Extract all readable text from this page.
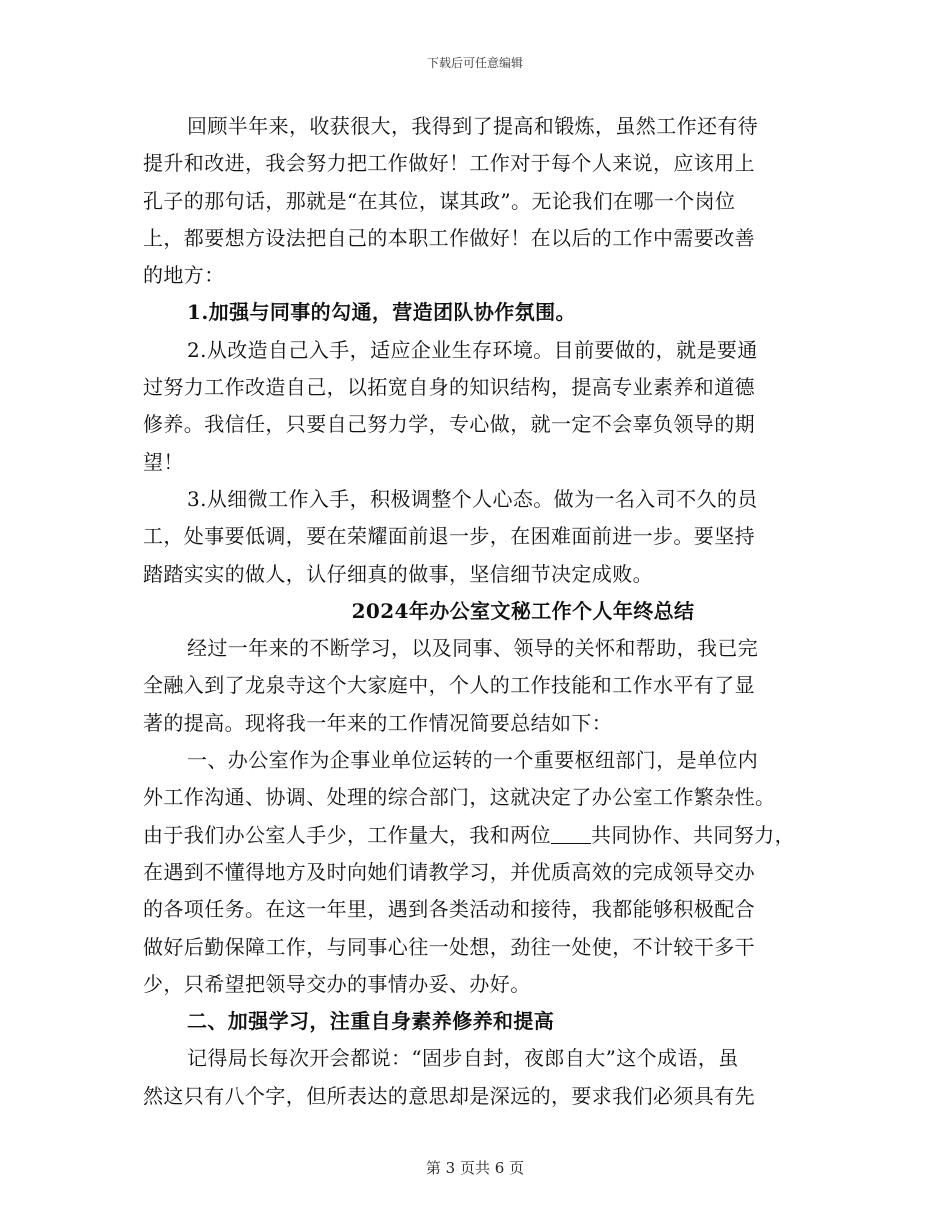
下载后可任意编辑
回顾半年来，收获很大，我得到了提高和锻炼，虽然工作还有待
提升和改进，我会努力把工作做好！工作对于每个人来说，应该用上
孔子的那句话，那就是“在其位，谋其政”。无论我们在哪一个岗位
上，都要想方设法把自己的本职工作做好！在以后的工作中需要改善
的地方：
1.加强与同事的勾通，营造团队协作氛围。
2.从改造自己入手，适应企业生存环境。目前要做的，就是要通
过努力工作改造自己，以拓宽自身的知识结构，提高专业素养和道德
修养。我信任，只要自己努力学，专心做，就一定不会辜负领导的期
望！
3.从细微工作入手，积极调整个人心态。做为一名入司不久的员
工，处事要低调，要在荣耀面前退一步，在困难面前进一步。要坚持
踏踏实实的做人，认仔细真的做事，坚信细节决定成败。
2024年办公室文秘工作个人年终总结
经过一年来的不断学习，以及同事、领导的关怀和帮助，我已完
全融入到了龙泉寺这个大家庭中，个人的工作技能和工作水平有了显
著的提高。现将我一年来的工作情况简要总结如下：
一、办公室作为企事业单位运转的一个重要枢纽部门，是单位内
外工作沟通、协调、处理的综合部门，这就决定了办公室工作繁杂性。
由于我们办公室人手少，工作量大，我和两位 共同协作、共同努力，
在遇到不懂得地方及时向她们请教学习，并优质高效的完成领导交办
的各项任务。在这一年里，遇到各类活动和接待，我都能够积极配合
做好后勤保障工作，与同事心往一处想，劲往一处使，不计较干多干
少，只希望把领导交办的事情办妥、办好。
二、加强学习，注重自身素养修养和提高
记得局长每次开会都说：“固步自封，夜郎自大”这个成语，虽
然这只有八个字，但所表达的意思却是深远的，要求我们必须具有先
第 3 页共 6 页
